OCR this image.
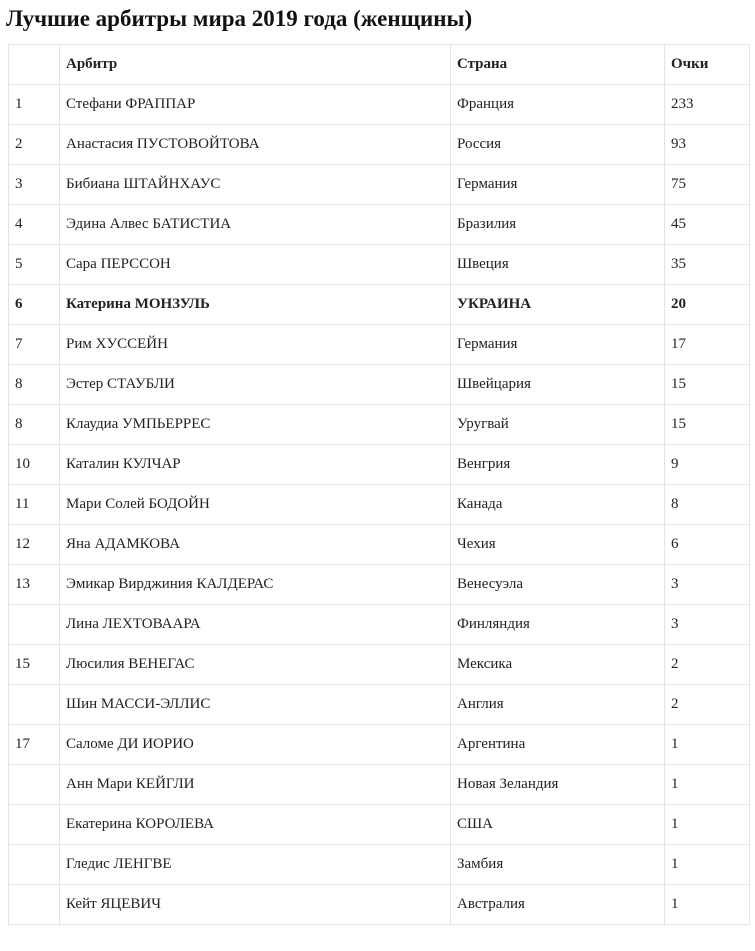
Лучшие арбитры мира 2019 года (женщины)
	Арбитр	Страна	Очки
1	Стефани ФРАППАР	Франция	233
2	Анастасия ПУСТОВОЙТОВА	Россия	93
3	Бибиана ШТАЙНХАУС	Германия	75
4	Эдина Алвес БАТИСТИА	Бразилия	45
5	Сара ПЕРССОН	Швеция	35
6	Катерина МОНЗУЛЬ	УКРАИНА	20
7	Рим ХУССЕЙН	Германия	17
8	Эстер СТАУБЛИ	Швейцария	15
8	Клаудиа УМПЬЕРРЕС	Уругвай	15
10	Каталин КУЛЧАР	Венгрия	9
11	Мари Солей БОДОЙН	Канада	8
12	Яна АДАМКОВА	Чехия	6
13	Эмикар Вирджиния КАЛДЕРАС	Венесуэла	3
	Лина ЛЕХТОВААРА	Финляндия	3
15	Люсилия ВЕНЕГАС	Мексика	2
	Шин МАССИ-ЭЛЛИС	Англия	2
17	Саломе ДИ ИОРИО	Аргентина	1
	Анн Мари КЕЙГЛИ	Новая Зеландия	1
	Екатерина КОРОЛЕВА	США	1
	Гледис ЛЕНГВЕ	Замбия	1
	Кейт ЯЦЕВИЧ	Австралия	1
